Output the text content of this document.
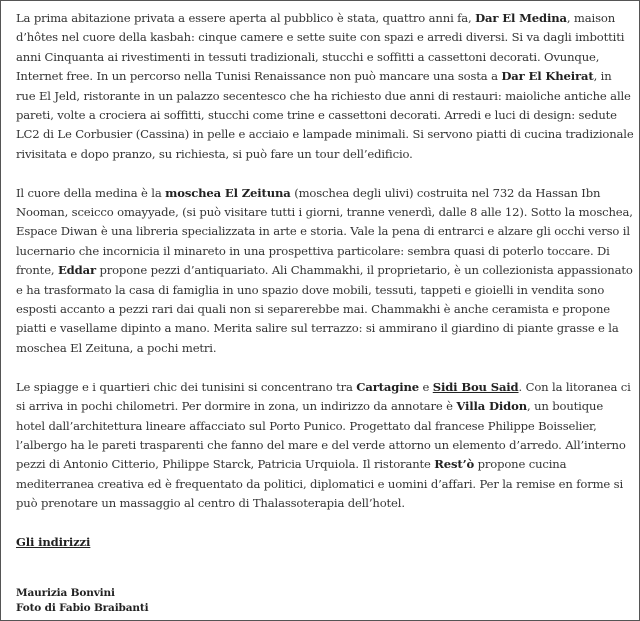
La prima abitazione privata a essere aperta al pubblico è stata, quattro anni fa, Dar El Medina, maison d’hôtes nel cuore della kasbah: cinque camere e sette suite con spazi e arredi diversi. Si va dagli imbottiti anni Cinquanta ai rivestimenti in tessuti tradizionali, stucchi e soffitti a cassettoni decorati. Ovunque, Internet free. In un percorso nella Tunisi Renaissance non può mancare una sosta a Dar El Kheirat, in rue El Jeld, ristorante in un palazzo secentesco che ha richiesto due anni di restauri: maioliche antiche alle pareti, volte a crociera ai soffitti, stucchi come trine e cassettoni decorati. Arredi e luci di design: sedute LC2 di Le Corbusier (Cassina) in pelle e acciaio e lampade minimali. Si servono piatti di cucina tradizionale rivisitata e dopo pranzo, su richiesta, si può fare un tour dell’edificio.

Il cuore della medina è la moschea El Zeituna (moschea degli ulivi) costruita nel 732 da Hassan Ibn Nooman, sceicco omayyade, (si può visitare tutti i giorni, tranne venerdì, dalle 8 alle 12). Sotto la moschea, Espace Diwan è una libreria specializzata in arte e storia. Vale la pena di entrarci e alzare gli occhi verso il lucernario che incornicia il minareto in una prospettiva particolare: sembra quasi di poterlo toccare. Di fronte, Eddar propone pezzi d’antiquariato. Ali Chammakhi, il proprietario, è un collezionista appassionato e ha trasformato la casa di famiglia in uno spazio dove mobili, tessuti, tappeti e gioielli in vendita sono esposti accanto a pezzi rari dai quali non si separerebbe mai. Chammakhi è anche ceramista e propone piatti e vasellame dipinto a mano. Merita salire sul terrazzo: si ammirano il giardino di piante grasse e la moschea El Zeituna, a pochi metri.

Le spiagge e i quartieri chic dei tunisini si concentrano tra Cartagine e Sidi Bou Said. Con la litoranea ci si arriva in pochi chilometri. Per dormire in zona, un indirizzo da annotare è Villa Didon, un boutique hotel dall’architettura lineare affacciato sul Porto Punico. Progettato dal francese Philippe Boisselier, l’albergo ha le pareti trasparenti che fanno del mare e del verde attorno un elemento d’arredo. All’interno pezzi di Antonio Citterio, Philippe Starck, Patricia Urquiola. Il ristorante Rest’ò propone cucina mediterranea creativa ed è frequentato da politici, diplomatici e uomini d’affari. Per la remise en forme si può prenotare un massaggio al centro di Thalassoterapia dell’hotel.

Gli indirizzi
Maurizia Bonvini
Foto di Fabio Braibanti
